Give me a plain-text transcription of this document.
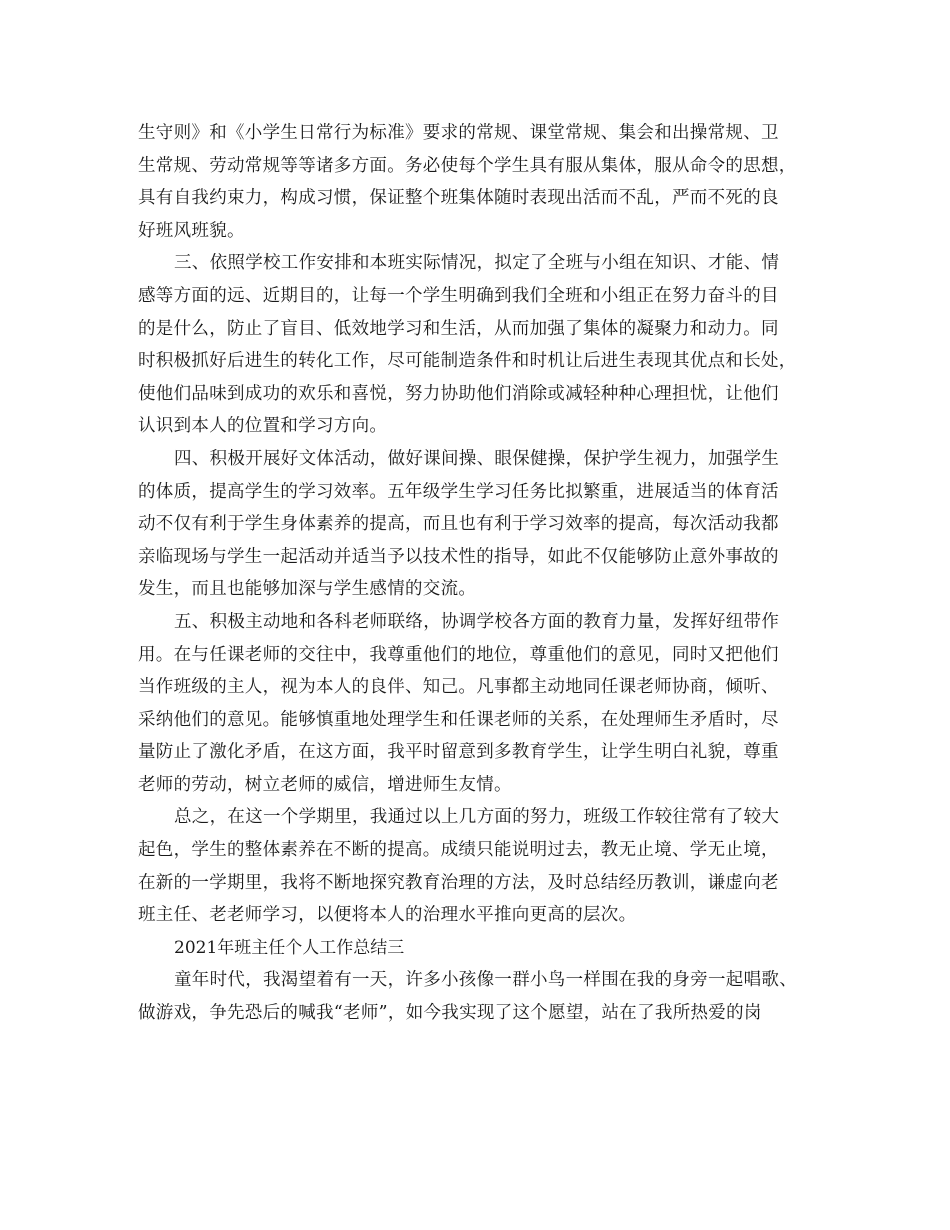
生守则》和《小学生日常行为标准》要求的常规、课堂常规、集会和出操常规、卫
生常规、劳动常规等等诸多方面。务必使每个学生具有服从集体，服从命令的思想，
具有自我约束力，构成习惯，保证整个班集体随时表现出活而不乱，严而不死的良
好班风班貌。
三、依照学校工作安排和本班实际情况，拟定了全班与小组在知识、才能、情
感等方面的远、近期目的，让每一个学生明确到我们全班和小组正在努力奋斗的目
的是什么，防止了盲目、低效地学习和生活，从而加强了集体的凝聚力和动力。同
时积极抓好后进生的转化工作，尽可能制造条件和时机让后进生表现其优点和长处，
使他们品味到成功的欢乐和喜悦，努力协助他们消除或减轻种种心理担忧，让他们
认识到本人的位置和学习方向。
四、积极开展好文体活动，做好课间操、眼保健操，保护学生视力，加强学生
的体质，提高学生的学习效率。五年级学生学习任务比拟繁重，进展适当的体育活
动不仅有利于学生身体素养的提高，而且也有利于学习效率的提高，每次活动我都
亲临现场与学生一起活动并适当予以技术性的指导，如此不仅能够防止意外事故的
发生，而且也能够加深与学生感情的交流。
五、积极主动地和各科老师联络，协调学校各方面的教育力量，发挥好纽带作
用。在与任课老师的交往中，我尊重他们的地位，尊重他们的意见，同时又把他们
当作班级的主人，视为本人的良伴、知己。凡事都主动地同任课老师协商，倾听、
采纳他们的意见。能够慎重地处理学生和任课老师的关系，在处理师生矛盾时，尽
量防止了激化矛盾，在这方面，我平时留意到多教育学生，让学生明白礼貌，尊重
老师的劳动，树立老师的威信，增进师生友情。
总之，在这一个学期里，我通过以上几方面的努力，班级工作较往常有了较大
起色，学生的整体素养在不断的提高。成绩只能说明过去，教无止境、学无止境，
在新的一学期里，我将不断地探究教育治理的方法，及时总结经历教训，谦虚向老
班主任、老老师学习，以便将本人的治理水平推向更高的层次。
2021年班主任个人工作总结三
童年时代，我渴望着有一天，许多小孩像一群小鸟一样围在我的身旁一起唱歌、
做游戏，争先恐后的喊我“老师”，如今我实现了这个愿望，站在了我所热爱的岗
